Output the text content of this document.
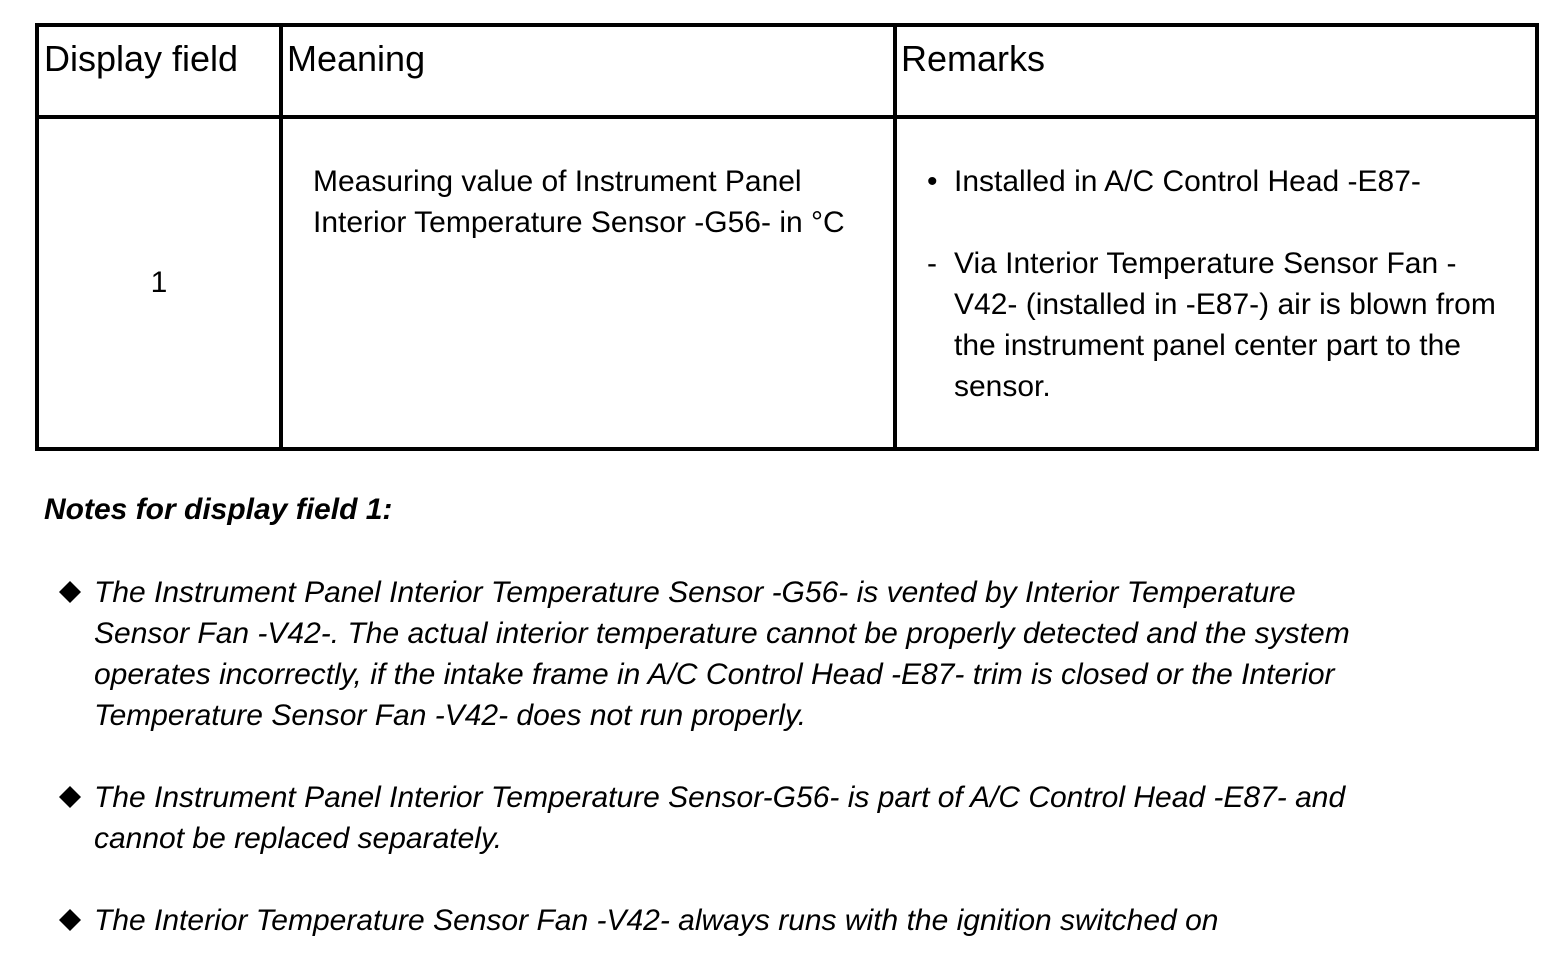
Display field	Meaning	Remarks
1	Measuring value of Instrument Panel Interior Temperature Sensor -G56- in °C	• Installed in A/C Control Head -E87-
- Via Interior Temperature Sensor Fan -V42- (installed in -E87-) air is blown from the instrument panel center part to the sensor.

Notes for display field 1:

The Instrument Panel Interior Temperature Sensor -G56- is vented by Interior Temperature Sensor Fan -V42-. The actual interior temperature cannot be properly detected and the system operates incorrectly, if the intake frame in A/C Control Head -E87- trim is closed or the Interior Temperature Sensor Fan -V42- does not run properly.
The Instrument Panel Interior Temperature Sensor-G56- is part of A/C Control Head -E87- and cannot be replaced separately.
The Interior Temperature Sensor Fan -V42- always runs with the ignition switched on
